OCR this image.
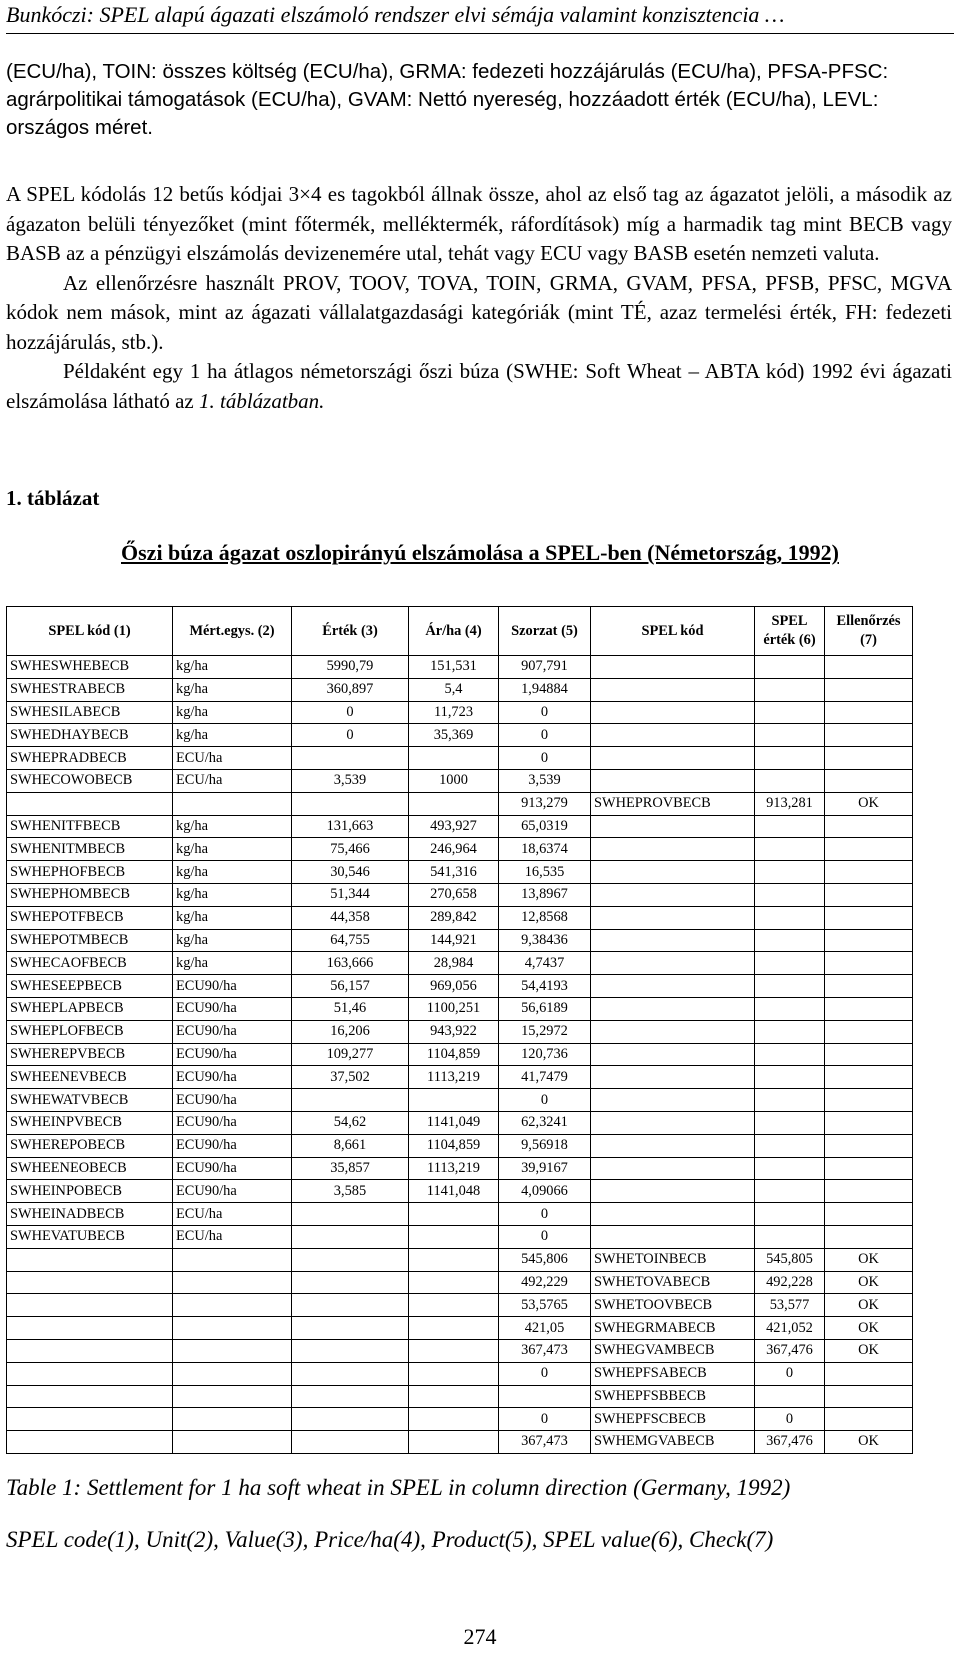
Bunkóczi: SPEL alapú ágazati elszámoló rendszer elvi sémája valamint konzisztencia …

(ECU/ha), TOIN: összes költség (ECU/ha), GRMA: fedezeti hozzájárulás (ECU/ha), PFSA-PFSC: agrárpolitikai támogatások (ECU/ha), GVAM: Nettó nyereség, hozzáadott érték (ECU/ha), LEVL: országos méret.

A SPEL kódolás 12 betűs kódjai 3×4 es tagokból állnak össze, ahol az első tag az ágazatot jelöli, a második az ágazaton belüli tényezőket (mint főtermék, melléktermék, ráfordítások) míg a harmadik tag mint BECB vagy BASB az a pénzügyi elszámolás devizenemére utal, tehát vagy ECU vagy BASB esetén nemzeti valuta.

Az ellenőrzésre használt PROV, TOOV, TOVA, TOIN, GRMA, GVAM, PFSA, PFSB, PFSC, MGVA kódok nem mások, mint az ágazati vállalatgazdasági kategóriák (mint TÉ, azaz termelési érték, FH: fedezeti hozzájárulás, stb.).

Példaként egy 1 ha átlagos németországi őszi búza (SWHE: Soft Wheat – ABTA kód) 1992 évi ágazati elszámolása látható az 1. táblázatban.

1. táblázat
Őszi búza ágazat oszlopirányú elszámolása a SPEL-ben (Németország, 1992)
SPEL kód (1)	Mért.egys. (2)	Érték (3)	Ár/ha (4)	Szorzat (5)	SPEL kód	SPEL
érték (6)	Ellenőrzés
(7)
SWHESWHEBECB	kg/ha	5990,79	151,531	907,791			
SWHESTRABECB	kg/ha	360,897	5,4	1,94884			
SWHESILABECB	kg/ha	0	11,723	0			
SWHEDHAYBECB	kg/ha	0	35,369	0			
SWHEPRADBECB	ECU/ha			0			
SWHECOWOBECB	ECU/ha	3,539	1000	3,539			
				913,279	SWHEPROVBECB	913,281	OK
SWHENITFBECB	kg/ha	131,663	493,927	65,0319			
SWHENITMBECB	kg/ha	75,466	246,964	18,6374			
SWHEPHOFBECB	kg/ha	30,546	541,316	16,535			
SWHEPHOMBECB	kg/ha	51,344	270,658	13,8967			
SWHEPOTFBECB	kg/ha	44,358	289,842	12,8568			
SWHEPOTMBECB	kg/ha	64,755	144,921	9,38436			
SWHECAOFBECB	kg/ha	163,666	28,984	4,7437			
SWHESEEPBECB	ECU90/ha	56,157	969,056	54,4193			
SWHEPLAPBECB	ECU90/ha	51,46	1100,251	56,6189			
SWHEPLOFBECB	ECU90/ha	16,206	943,922	15,2972			
SWHEREPVBECB	ECU90/ha	109,277	1104,859	120,736			
SWHEENEVBECB	ECU90/ha	37,502	1113,219	41,7479			
SWHEWATVBECB	ECU90/ha			0			
SWHEINPVBECB	ECU90/ha	54,62	1141,049	62,3241			
SWHEREPOBECB	ECU90/ha	8,661	1104,859	9,56918			
SWHEENEOBECB	ECU90/ha	35,857	1113,219	39,9167			
SWHEINPOBECB	ECU90/ha	3,585	1141,048	4,09066			
SWHEINADBECB	ECU/ha			0			
SWHEVATUBECB	ECU/ha			0			
				545,806	SWHETOINBECB	545,805	OK
				492,229	SWHETOVABECB	492,228	OK
				53,5765	SWHETOOVBECB	53,577	OK
				421,05	SWHEGRMABECB	421,052	OK
				367,473	SWHEGVAMBECB	367,476	OK
				0	SWHEPFSABECB	0	
					SWHEPFSBBECB		
				0	SWHEPFSCBECB	0	
				367,473	SWHEMGVABECB	367,476	OK
Table 1: Settlement for 1 ha soft wheat in SPEL in column direction (Germany, 1992)
SPEL code(1), Unit(2), Value(3), Price/ha(4), Product(5), SPEL value(6), Check(7)
274
